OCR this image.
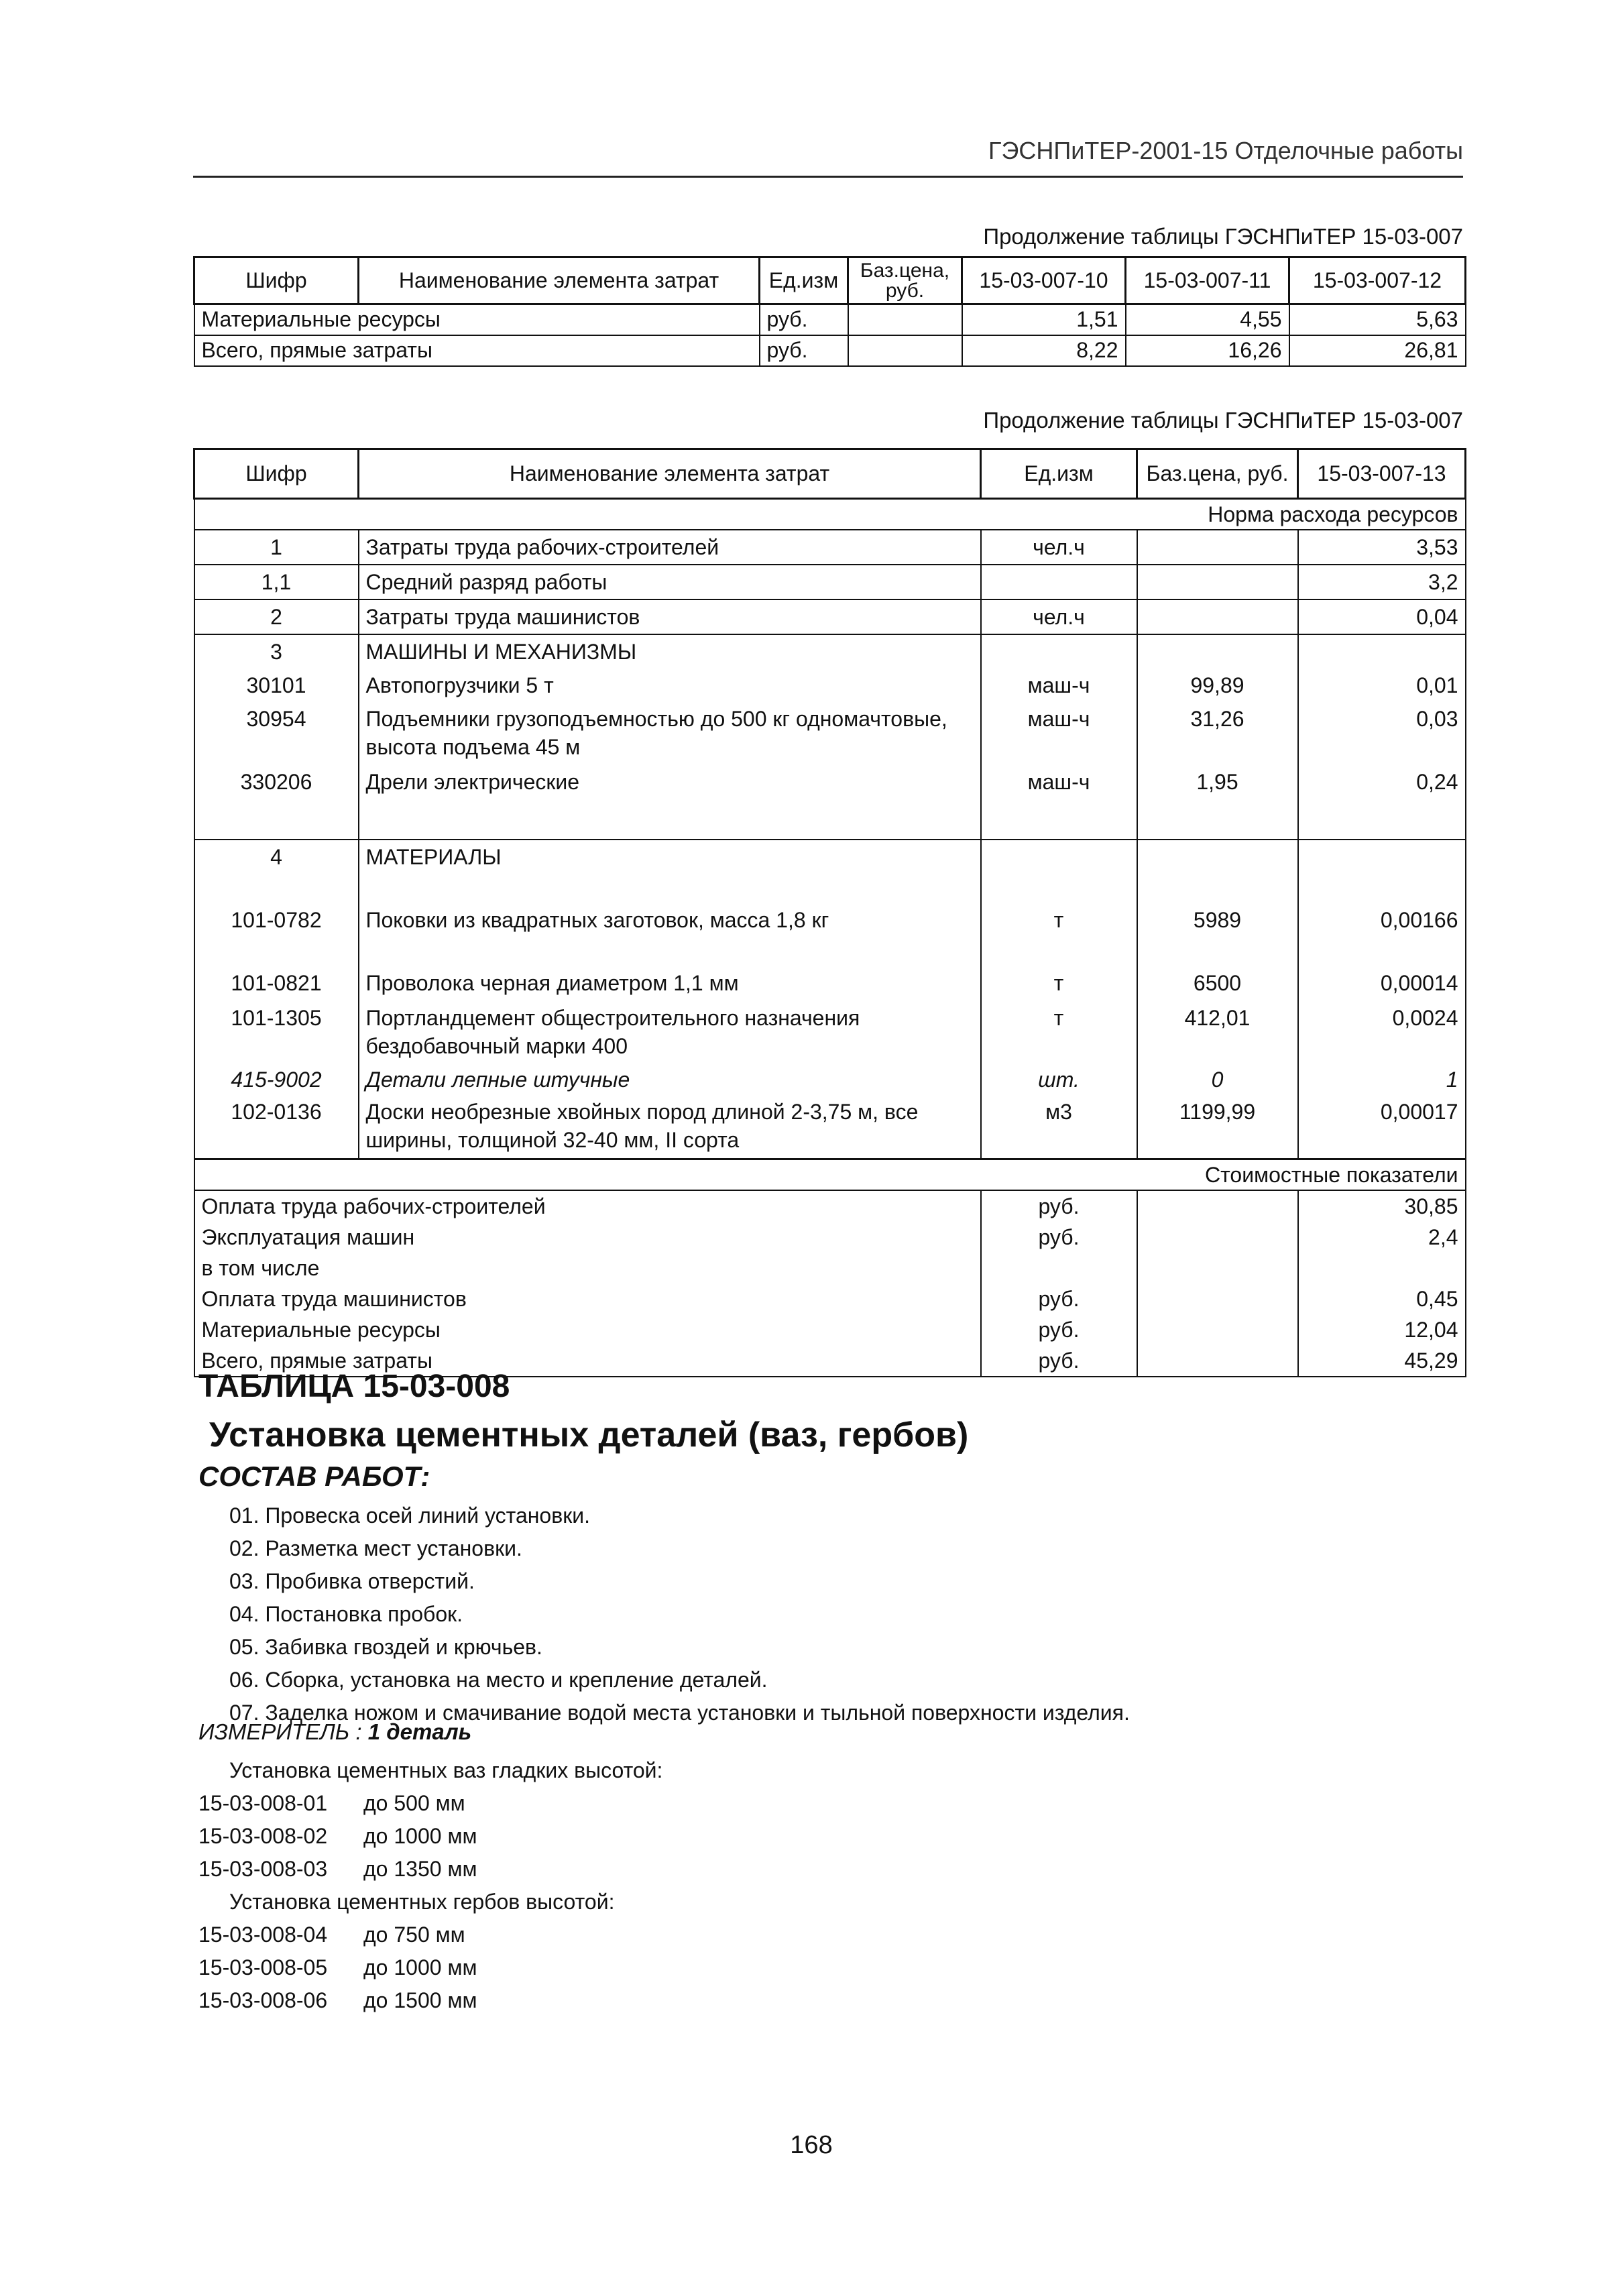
ГЭСНПиТЕР-2001-15 Отделочные работы
Продолжение таблицы ГЭСНПиТЕР 15-03-007
Шифр	Наименование элемента затрат	Ед.изм	Баз.цена, руб.	15-03-007-10	15-03-007-11	15-03-007-12
Материальные ресурсы		руб.		1,51	4,55	5,63
Всего, прямые затраты		руб.		8,22	16,26	26,81
Продолжение таблицы ГЭСНПиТЕР 15-03-007
Шифр	Наименование элемента затрат	Ед.изм	Баз.цена, руб.	15-03-007-13
Норма расхода ресурсов				
1	Затраты труда рабочих-строителей	чел.ч		3,53
1,1	Средний разряд работы			3,2
2	Затраты труда машинистов	чел.ч		0,04
3	МАШИНЫ И МЕХАНИЗМЫ			
30101	Автопогрузчики 5 т	маш-ч	99,89	0,01
30954	Подъемники грузоподъемностью до 500 кг одномачтовые, высота подъема 45 м	маш-ч	31,26	0,03
330206	Дрели электрические	маш-ч	1,95	0,24
4	МАТЕРИАЛЫ			
101-0782	Поковки из квадратных заготовок, масса 1,8 кг	т	5989	0,00166
101-0821	Проволока черная диаметром 1,1 мм	т	6500	0,00014
101-1305	Портландцемент общестроительного назначения бездобавочный марки 400	т	412,01	0,0024
415-9002	Детали лепные штучные	шт.	0	1
102-0136	Доски необрезные хвойных пород длиной 2-3,75 м, все ширины, толщиной 32-40 мм, II сорта	м3	1199,99	0,00017
Стоимостные показатели				
Оплата труда рабочих-строителей		руб.		30,85
Эксплуатация машин		руб.		2,4
в том числе				
Оплата труда машинистов		руб.		0,45
Материальные ресурсы		руб.		12,04
Всего, прямые затраты		руб.		45,29
ТАБЛИЦА 15-03-008
Установка цементных деталей (ваз, гербов)
СОСТАВ РАБОТ:
01. Провеска осей линий установки.
02. Разметка мест установки.
03. Пробивка отверстий.
04. Постановка пробок.
05. Забивка гвоздей и крючьев.
06. Сборка, установка на место и крепление деталей.
07. Заделка ножом и смачивание водой места установки и тыльной поверхности изделия.
ИЗМЕРИТЕЛЬ : 1 деталь
Установка цементных ваз гладких высотой:
15-03-008-01 до 500 мм
15-03-008-02 до 1000 мм
15-03-008-03 до 1350 мм
Установка цементных гербов высотой:
15-03-008-04 до 750 мм
15-03-008-05 до 1000 мм
15-03-008-06 до 1500 мм
168
